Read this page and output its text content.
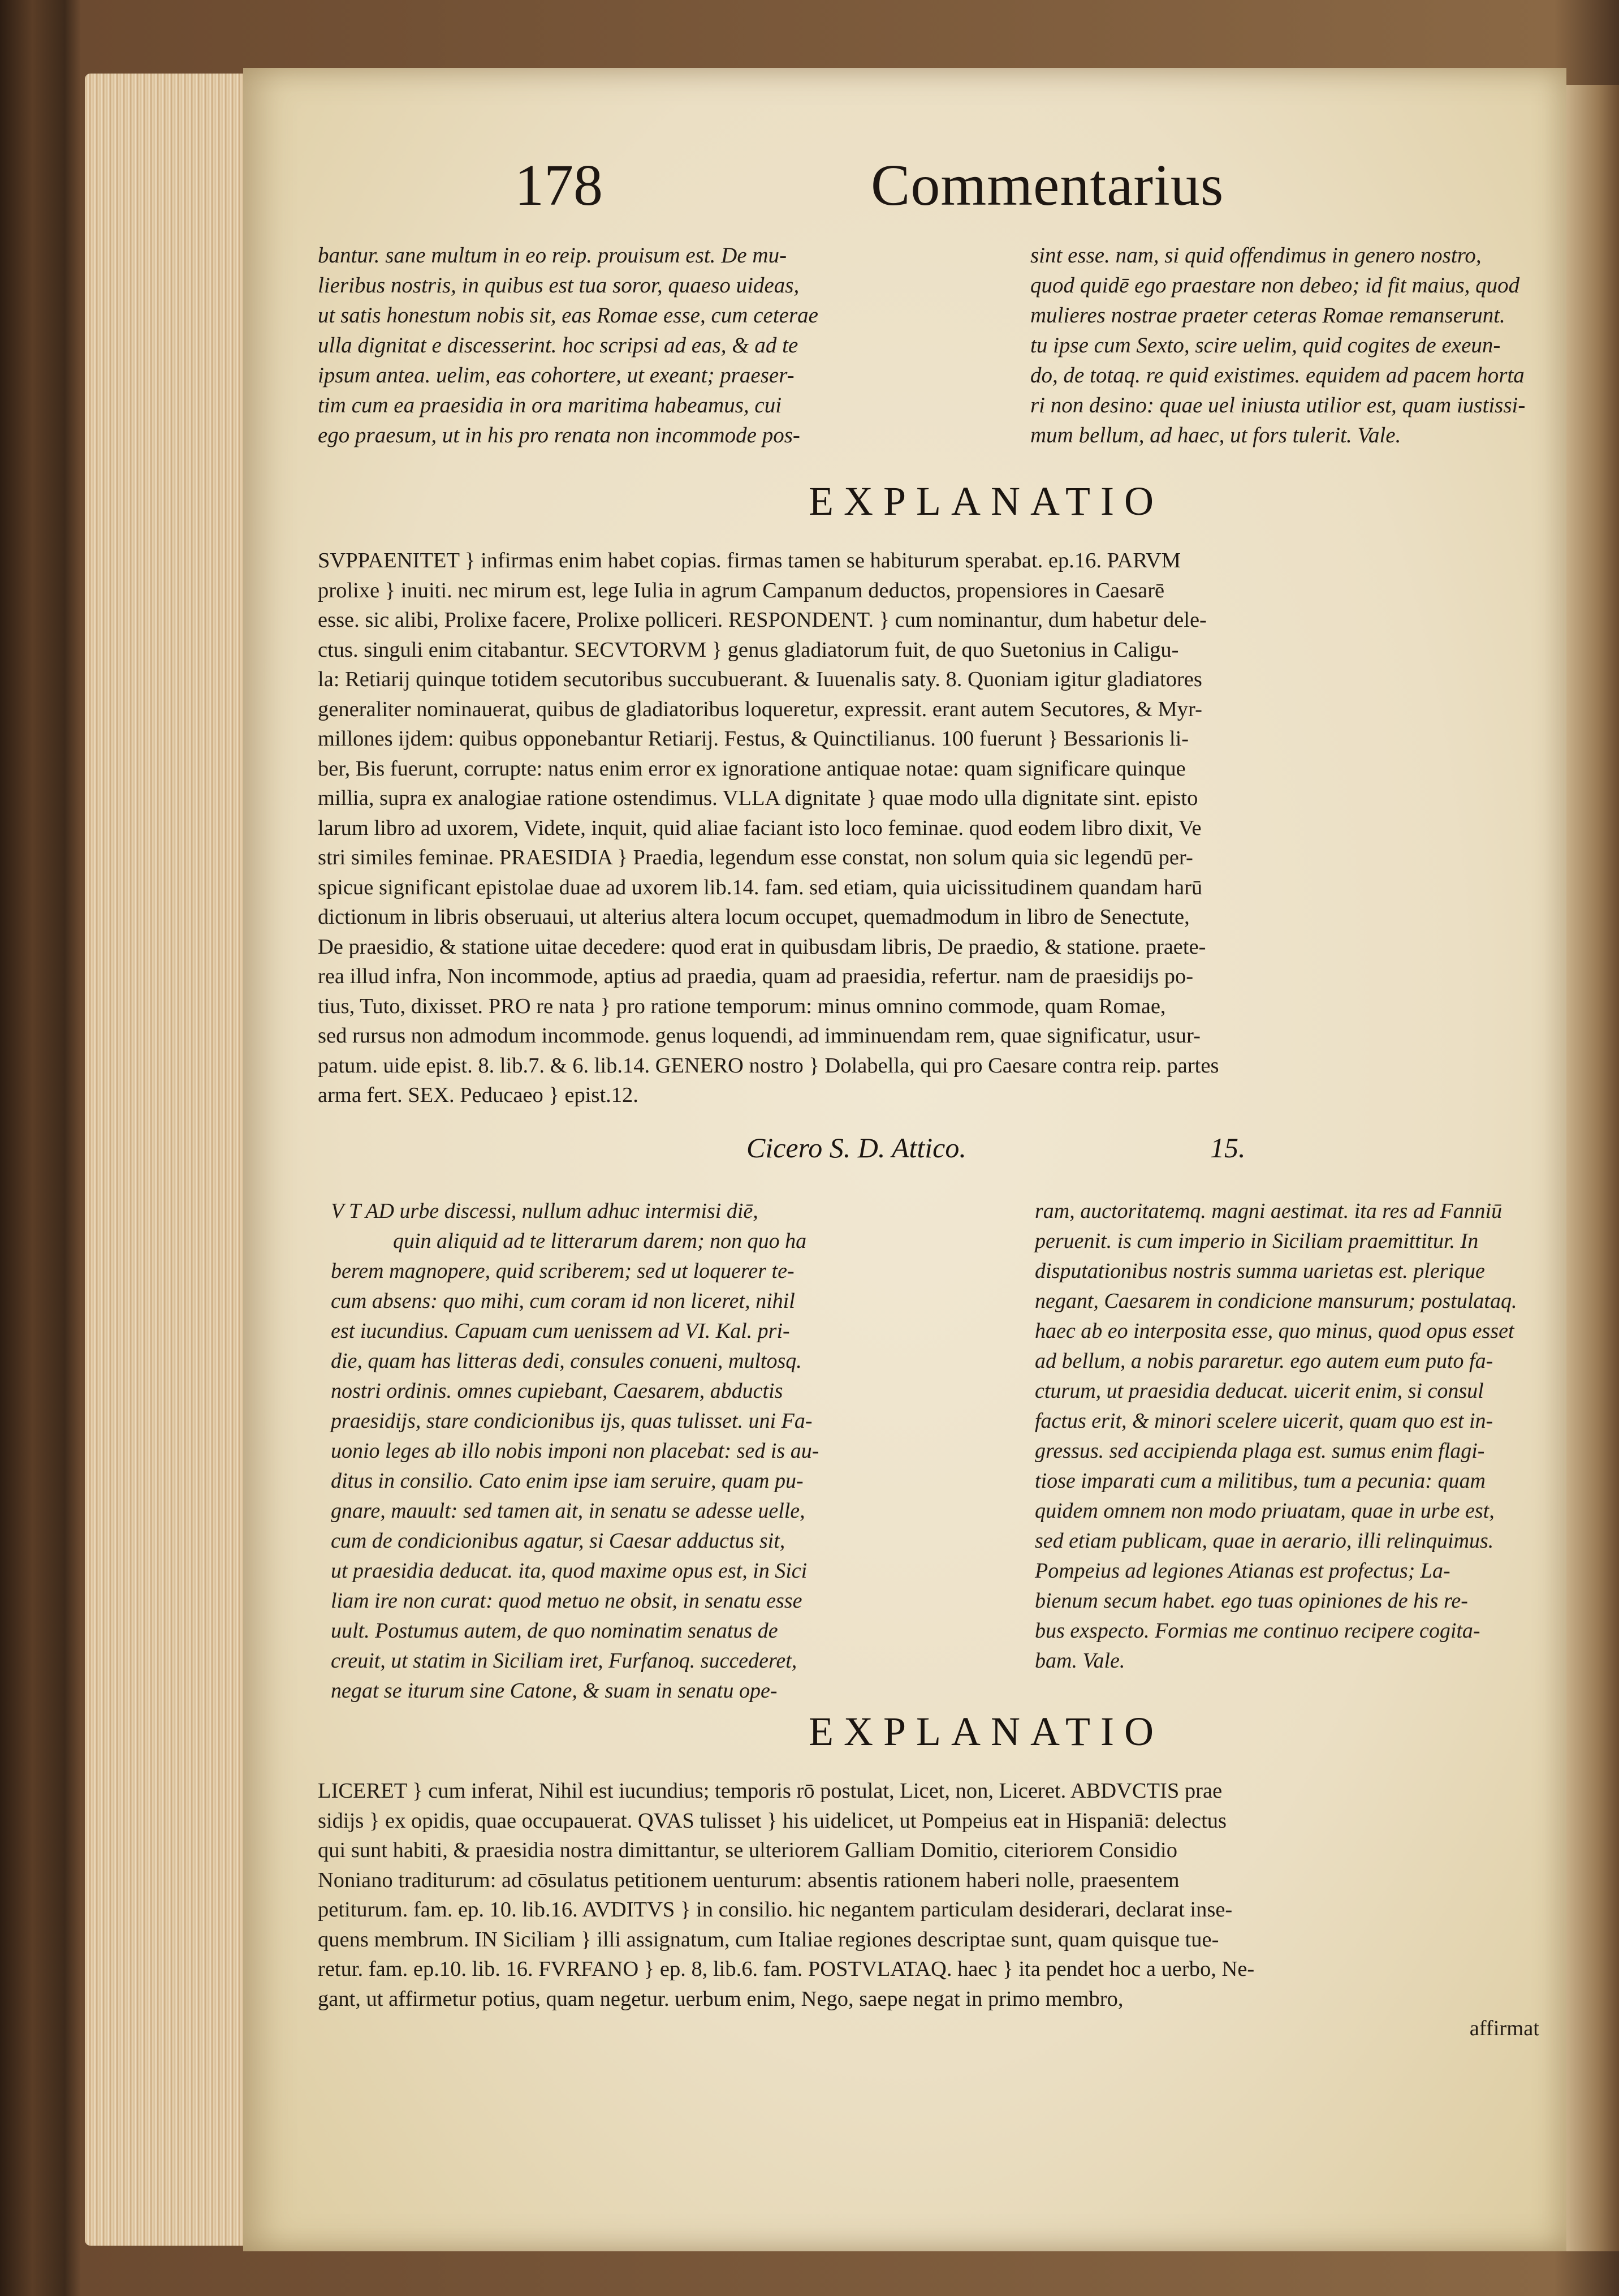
178	Commentarius
bantur. sane multum in eo reip. prouisum est. De mu-
lieribus nostris, in quibus est tua soror, quaeso uideas,
ut satis honestum nobis sit, eas Romae esse, cum ceterae
ulla dignitat e discesserint. hoc scripsi ad eas, & ad te
ipsum antea. uelim, eas cohortere, ut exeant; praeser-
tim cum ea praesidia in ora maritima habeamus, cui
ego praesum, ut in his pro renata non incommode pos-
sint esse. nam, si quid offendimus in genero nostro,
quod quidē ego praestare non debeo; id fit maius, quod
mulieres nostrae praeter ceteras Romae remanserunt.
tu ipse cum Sexto, scire uelim, quid cogites de exeun-
do, de totaq. re quid existimes. equidem ad pacem horta
ri non desino: quae uel iniusta utilior est, quam iustissi-
mum bellum, ad haec, ut fors tulerit. Vale.
EXPLANATIO
SVPPAENITET } infirmas enim habet copias. firmas tamen se habiturum sperabat. ep.16. PARVM
prolixe } inuiti. nec mirum est, lege Iulia in agrum Campanum deductos, propensiores in Caesarē
esse. sic alibi, Prolixe facere, Prolixe polliceri. RESPONDENT. } cum nominantur, dum habetur dele-
ctus. singuli enim citabantur. SECVTORVM } genus gladiatorum fuit, de quo Suetonius in Caligu-
la: Retiarij quinque totidem secutoribus succubuerant. & Iuuenalis saty. 8. Quoniam igitur gladiatores
generaliter nominauerat, quibus de gladiatoribus loqueretur, expressit. erant autem Secutores, & Myr-
millones ijdem: quibus opponebantur Retiarij. Festus, & Quinctilianus. 100 fuerunt } Bessarionis li-
ber, Bis fuerunt, corrupte: natus enim error ex ignoratione antiquae notae: quam significare quinque
millia, supra ex analogiae ratione ostendimus. VLLA dignitate } quae modo ulla dignitate sint. episto
larum libro ad uxorem, Videte, inquit, quid aliae faciant isto loco feminae. quod eodem libro dixit, Ve
stri similes feminae. PRAESIDIA } Praedia, legendum esse constat, non solum quia sic legendū per-
spicue significant epistolae duae ad uxorem lib.14. fam. sed etiam, quia uicissitudinem quandam harū
dictionum in libris obseruaui, ut alterius altera locum occupet, quemadmodum in libro de Senectute,
De praesidio, & statione uitae decedere: quod erat in quibusdam libris, De praedio, & statione. praete-
rea illud infra, Non incommode, aptius ad praedia, quam ad praesidia, refertur. nam de praesidijs po-
tius, Tuto, dixisset. PRO re nata } pro ratione temporum: minus omnino commode, quam Romae,
sed rursus non admodum incommode. genus loquendi, ad imminuendam rem, quae significatur, usur-
patum. uide epist. 8. lib.7. & 6. lib.14. GENERO nostro } Dolabella, qui pro Caesare contra reip. partes
arma fert. SEX. Peducaeo } epist.12.
Cicero S. D. Attico.	15.
V T AD urbe discessi, nullum adhuc intermisi diē,
quin aliquid ad te litterarum darem; non quo ha
berem magnopere, quid scriberem; sed ut loquerer te-
cum absens: quo mihi, cum coram id non liceret, nihil
est iucundius. Capuam cum uenissem ad VI. Kal. pri-
die, quam has litteras dedi, consules conueni, multosq.
nostri ordinis. omnes cupiebant, Caesarem, abductis
praesidijs, stare condicionibus ijs, quas tulisset. uni Fa-
uonio leges ab illo nobis imponi non placebat: sed is au-
ditus in consilio. Cato enim ipse iam seruire, quam pu-
gnare, mauult: sed tamen ait, in senatu se adesse uelle,
cum de condicionibus agatur, si Caesar adductus sit,
ut praesidia deducat. ita, quod maxime opus est, in Sici
liam ire non curat: quod metuo ne obsit, in senatu esse
uult. Postumus autem, de quo nominatim senatus de
creuit, ut statim in Siciliam iret, Furfanoq. succederet,
negat se iturum sine Catone, & suam in senatu ope-
ram, auctoritatemq. magni aestimat. ita res ad Fanniū
peruenit. is cum imperio in Siciliam praemittitur. In
disputationibus nostris summa uarietas est. plerique
negant, Caesarem in condicione mansurum; postulataq.
haec ab eo interposita esse, quo minus, quod opus esset
ad bellum, a nobis pararetur. ego autem eum puto fa-
cturum, ut praesidia deducat. uicerit enim, si consul
factus erit, & minori scelere uicerit, quam quo est in-
gressus. sed accipienda plaga est. sumus enim flagi-
tiose imparati cum a militibus, tum a pecunia: quam
quidem omnem non modo priuatam, quae in urbe est,
sed etiam publicam, quae in aerario, illi relinquimus.
Pompeius ad legiones Atianas est profectus; La-
bienum secum habet. ego tuas opiniones de his re-
bus exspecto. Formias me continuo recipere cogita-
bam. Vale.
EXPLANATIO
LICERET } cum inferat, Nihil est iucundius; temporis rō postulat, Licet, non, Liceret. ABDVCTIS prae
sidijs } ex opidis, quae occupauerat. QVAS tulisset } his uidelicet, ut Pompeius eat in Hispaniā: delectus
qui sunt habiti, & praesidia nostra dimittantur, se ulteriorem Galliam Domitio, citeriorem Considio
Noniano traditurum: ad cōsulatus petitionem uenturum: absentis rationem haberi nolle, praesentem
petiturum. fam. ep. 10. lib.16. AVDITVS } in consilio. hic negantem particulam desiderari, declarat inse-
quens membrum. IN Siciliam } illi assignatum, cum Italiae regiones descriptae sunt, quam quisque tue-
retur. fam. ep.10. lib. 16. FVRFANO } ep. 8, lib.6. fam. POSTVLATAQ. haec } ita pendet hoc a uerbo, Ne-
gant, ut affirmetur potius, quam negetur. uerbum enim, Nego, saepe negat in primo membro,
affirmat
